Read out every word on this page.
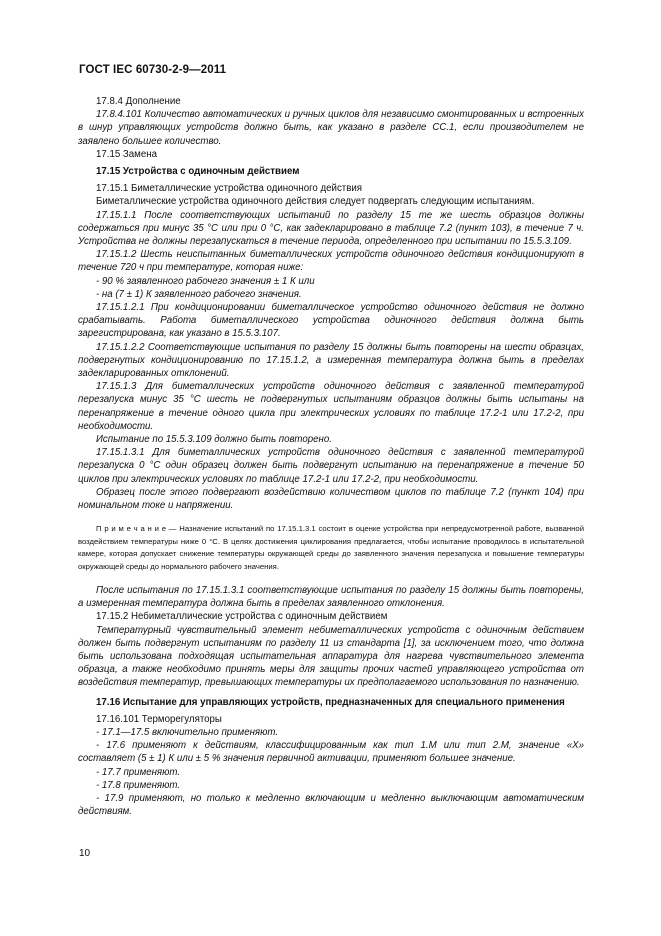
ГОСТ IEC 60730-2-9—2011

17.8.4 Дополнение

17.8.4.101 Количество автоматических и ручных циклов для независимо смонтированных и встроенных в шнур управляющих устройств должно быть, как указано в разделе СС.1, если производителем не заявлено большее количество.

17.15 Замена

17.15 Устройства с одиночным действием

17.15.1 Биметаллические устройства одиночного действия

Биметаллические устройства одиночного действия следует подвергать следующим испытаниям.

17.15.1.1 После соответствующих испытаний по разделу 15 те же шесть образцов должны содержаться при минус 35 °С или при 0 °С, как задекларировано в таблице 7.2 (пункт 103), в течение 7 ч. Устройства не должны перезапускаться в течение периода, определенного при испытании по 15.5.3.109.

17.15.1.2 Шесть неиспытанных биметаллических устройств одиночного действия кондиционируют в течение 720 ч при температуре, которая ниже:

- 90 % заявленного рабочего значения ± 1 К или

- на (7 ± 1) К заявленного рабочего значения.

17.15.1.2.1 При кондиционировании биметаллическое устройство одиночного действия не должно срабатывать. Работа биметаллического устройства одиночного действия должна быть зарегистрирована, как указано в 15.5.3.107.

17.15.1.2.2 Соответствующие испытания по разделу 15 должны быть повторены на шести образцах, подвергнутых кондиционированию по 17.15.1.2, а измеренная температура должна быть в пределах задекларированных отклонений.

17.15.1.3 Для биметаллических устройств одиночного действия с заявленной температурой перезапуска минус 35 °С шесть не подвергнутых испытаниям образцов должны быть испытаны на перенапряжение в течение одного цикла при электрических условиях по таблице 17.2-1 или 17.2-2, при необходимости.

Испытание по 15.5.3.109 должно быть повторено.

17.15.1.3.1 Для биметаллических устройств одиночного действия с заявленной температурой перезапуска 0 °С один образец должен быть подвергнут испытанию на перенапряжение в течение 50 циклов при электрических условиях по таблице 17.2-1 или 17.2-2, при необходимости.

Образец после этого подвергают воздействию количеством циклов по таблице 7.2 (пункт 104) при номинальном токе и напряжении.

П р и м е ч а н и е — Назначение испытаний по 17.15.1.3.1 состоит в оценке устройства при непредусмотренной работе, вызванной воздействием температуры ниже 0 °С. В целях достижения циклирования предлагается, чтобы испытание проводилось в испытательной камере, которая допускает снижение температуры окружающей среды до заявленного значения перезапуска и повышение температуры окружающей среды до нормального рабочего значения.

После испытания по 17.15.1.3.1 соответствующие испытания по разделу 15 должны быть повторены, а измеренная температура должна быть в пределах заявленного отклонения.

17.15.2 Небиметаллические устройства с одиночным действием

Температурный чувствительный элемент небиметаллических устройств с одиночным действием должен быть подвергнут испытаниям по разделу 11 из стандарта [1], за исключением того, что должна быть использована подходящая испытательная аппаратура для нагрева чувствительного элемента образца, а также необходимо принять меры для защиты прочих частей управляющего устройства от воздействия температур, превышающих температуры их предполагаемого использования по назначению.

17.16 Испытание для управляющих устройств, предназначенных для специального применения

17.16.101 Терморегуляторы

- 17.1—17.5 включительно применяют.

- 17.6 применяют к действиям, классифицированным как тип 1.М или тип 2.М, значение «Х» составляет (5 ± 1) К или ± 5 % значения первичной активации, применяют большее значение.

- 17.7 применяют.

- 17.8 применяют.

- 17.9 применяют, но только к медленно включающим и медленно выключающим автоматическим действиям.

10
